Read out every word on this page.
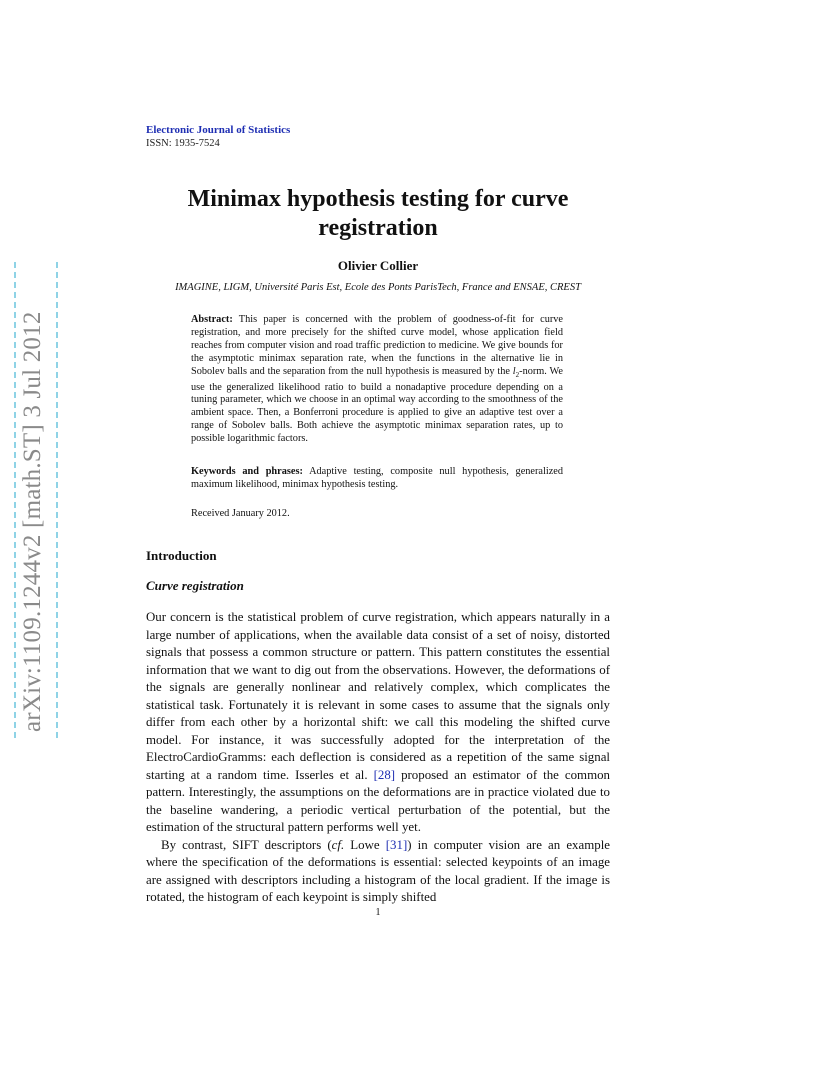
arXiv:1109.1244v2 [math.ST] 3 Jul 2012
Electronic Journal of Statistics
ISSN: 1935-7524
Minimax hypothesis testing for curve registration
Olivier Collier
IMAGINE, LIGM, Université Paris Est, Ecole des Ponts ParisTech, France and ENSAE, CREST
Abstract: This paper is concerned with the problem of goodness-of-fit for curve registration, and more precisely for the shifted curve model, whose application field reaches from computer vision and road traffic prediction to medicine. We give bounds for the asymptotic minimax separation rate, when the functions in the alternative lie in Sobolev balls and the separation from the null hypothesis is measured by the $l_2$-norm. We use the generalized likelihood ratio to build a nonadaptive procedure depending on a tuning parameter, which we choose in an optimal way according to the smoothness of the ambient space. Then, a Bonferroni procedure is applied to give an adaptive test over a range of Sobolev balls. Both achieve the asymptotic minimax separation rates, up to possible logarithmic factors.
Keywords and phrases: Adaptive testing, composite null hypothesis, generalized maximum likelihood, minimax hypothesis testing.
Received January 2012.
Introduction
Curve registration

Our concern is the statistical problem of curve registration, which appears naturally in a large number of applications, when the available data consist of a set of noisy, distorted signals that possess a common structure or pattern. This pattern constitutes the essential information that we want to dig out from the observations. However, the deformations of the signals are generally nonlinear and relatively complex, which complicates the statistical task. Fortunately it is relevant in some cases to assume that the signals only differ from each other by a horizontal shift: we call this modeling the shifted curve model. For instance, it was successfully adopted for the interpretation of the ElectroCardioGramms: each deflection is considered as a repetition of the same signal starting at a random time. Isserles et al. [28] proposed an estimator of the common pattern. Interestingly, the assumptions on the deformations are in practice violated due to the baseline wandering, a periodic vertical perturbation of the potential, but the estimation of the structural pattern performs well yet.

By contrast, SIFT descriptors (cf. Lowe [31]) in computer vision are an example where the specification of the deformations is essential: selected keypoints of an image are assigned with descriptors including a histogram of the local gradient. If the image is rotated, the histogram of each keypoint is simply shifted

1
